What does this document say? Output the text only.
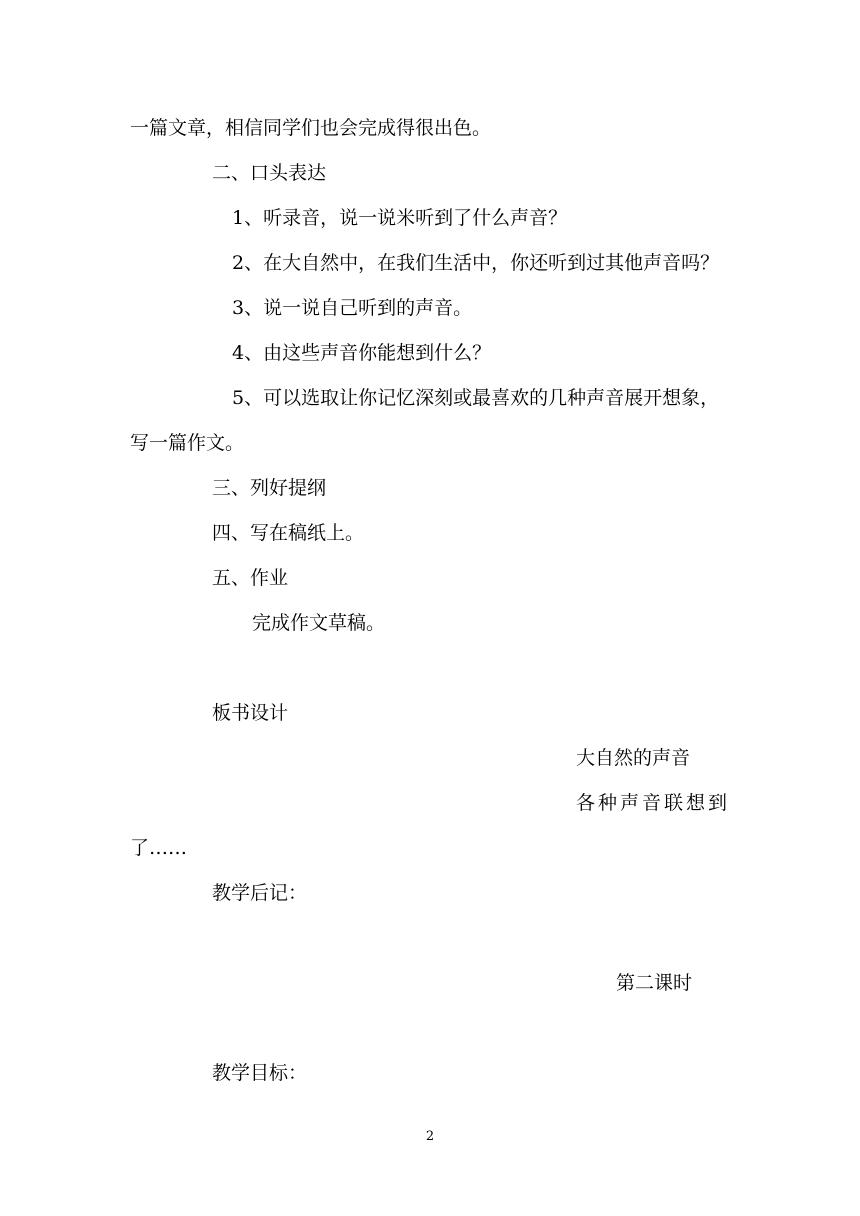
一篇文章，相信同学们也会完成得很出色。
二、口头表达
1、听录音，说一说米听到了什么声音？
2、在大自然中，在我们生活中，你还听到过其他声音吗？
3、说一说自己听到的声音。
4、由这些声音你能想到什么？
5、可以选取让你记忆深刻或最喜欢的几种声音展开想象，
写一篇作文。
三、列好提纲
四、写在稿纸上。
五、作业
完成作文草稿。
板书设计
大自然的声音
各种声音联想到
了……
教学后记：
第二课时
教学目标：
2
